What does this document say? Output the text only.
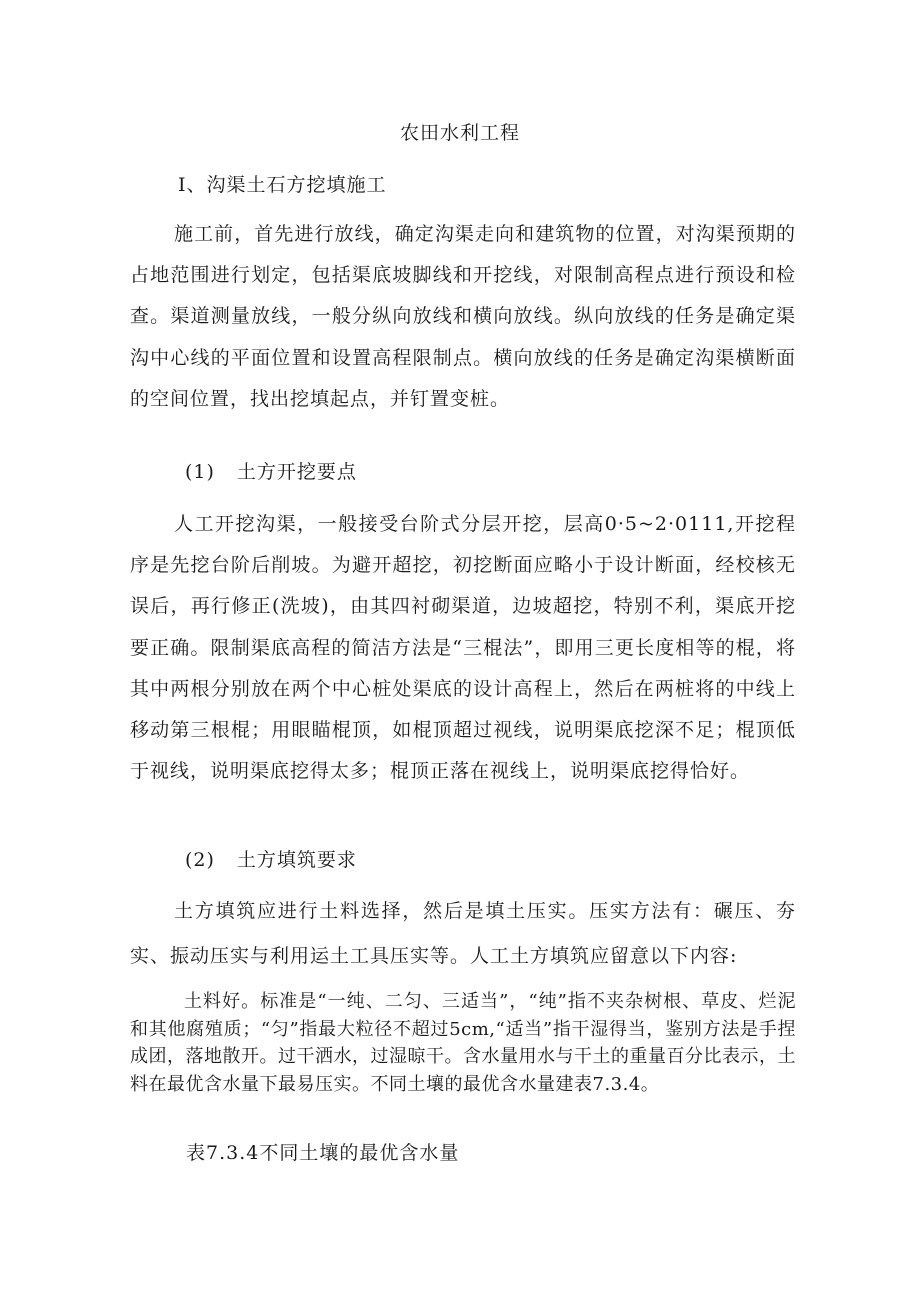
农田水利工程
I、沟渠土石方挖填施工
施工前，首先进行放线，确定沟渠走向和建筑物的位置，对沟渠预期的占地范围进行划定，包括渠底坡脚线和开挖线，对限制高程点进行预设和检查。渠道测量放线，一般分纵向放线和横向放线。纵向放线的任务是确定渠沟中心线的平面位置和设置高程限制点。横向放线的任务是确定沟渠横断面的空间位置，找出挖填起点，并钉置变桩。
(1) 土方开挖要点
人工开挖沟渠，一般接受台阶式分层开挖，层高0·5~2·0111,开挖程序是先挖台阶后削坡。为避开超挖，初挖断面应略小于设计断面，经校核无误后，再行修正(洗坡)，由其四衬砌渠道，边坡超挖，特别不利，渠底开挖要正确。限制渠底高程的简洁方法是“三棍法”，即用三更长度相等的棍，将其中两根分别放在两个中心桩处渠底的设计高程上，然后在两桩将的中线上移动第三根棍；用眼瞄棍顶，如棍顶超过视线，说明渠底挖深不足；棍顶低于视线，说明渠底挖得太多；棍顶正落在视线上，说明渠底挖得恰好。
(2) 土方填筑要求
土方填筑应进行土料选择，然后是填土压实。压实方法有：碾压、夯实、振动压实与利用运土工具压实等。人工土方填筑应留意以下内容:
土料好。标准是“一纯、二匀、三适当”，“纯”指不夹杂树根、草皮、烂泥和其他腐殖质；“匀”指最大粒径不超过5cm,“适当”指干湿得当，鉴别方法是手捏成团，落地散开。过干洒水，过湿晾干。含水量用水与干土的重量百分比表示，土料在最优含水量下最易压实。不同土壤的最优含水量建表7.3.4。
表7.3.4不同土壤的最优含水量
